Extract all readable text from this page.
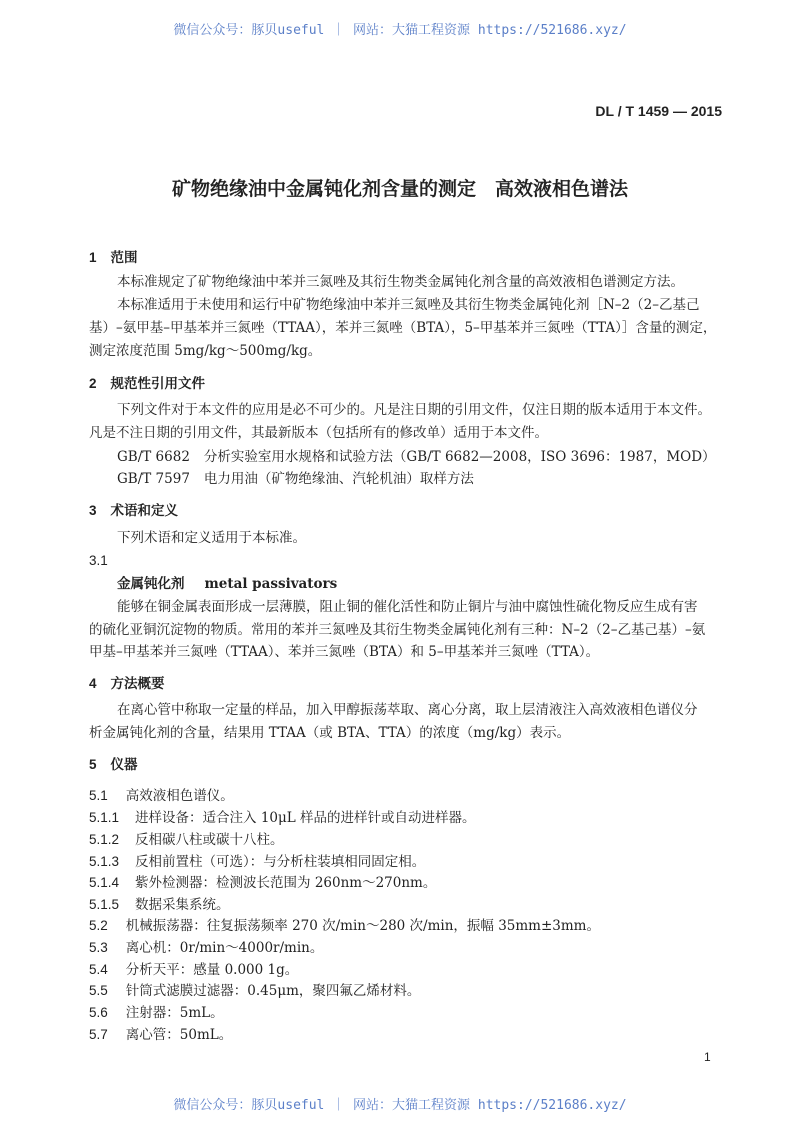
微信公众号：豚贝useful ｜ 网站：大猫工程资源 https://521686.xyz/
DL / T 1459 — 2015
矿物绝缘油中金属钝化剂含量的测定　高效液相色谱法
1 范围
本标准规定了矿物绝缘油中苯并三氮唑及其衍生物类金属钝化剂含量的高效液相色谱测定方法。
本标准适用于未使用和运行中矿物绝缘油中苯并三氮唑及其衍生物类金属钝化剂［N–2（2–乙基己
基）–氨甲基–甲基苯并三氮唑（TTAA），苯并三氮唑（BTA），5–甲基苯并三氮唑（TTA）］含量的测定，
测定浓度范围 5mg/kg～500mg/kg。
2 规范性引用文件
下列文件对于本文件的应用是必不可少的。凡是注日期的引用文件，仅注日期的版本适用于本文件。
凡是不注日期的引用文件，其最新版本（包括所有的修改单）适用于本文件。
GB/T 6682 分析实验室用水规格和试验方法（GB/T 6682—2008，ISO 3696：1987，MOD）
GB/T 7597 电力用油（矿物绝缘油、汽轮机油）取样方法
3 术语和定义
下列术语和定义适用于本标准。
3.1
金属钝化剂 metal passivators
能够在铜金属表面形成一层薄膜，阻止铜的催化活性和防止铜片与油中腐蚀性硫化物反应生成有害
的硫化亚铜沉淀物的物质。常用的苯并三氮唑及其衍生物类金属钝化剂有三种：N–2（2–乙基己基）–氨
甲基–甲基苯并三氮唑（TTAA）、苯并三氮唑（BTA）和 5–甲基苯并三氮唑（TTA）。
4 方法概要
在离心管中称取一定量的样品，加入甲醇振荡萃取、离心分离，取上层清液注入高效液相色谱仪分
析金属钝化剂的含量，结果用 TTAA（或 BTA、TTA）的浓度（mg/kg）表示。
5 仪器
5.1 高效液相色谱仪。
5.1.1 进样设备：适合注入 10μL 样品的进样针或自动进样器。
5.1.2 反相碳八柱或碳十八柱。
5.1.3 反相前置柱（可选）：与分析柱装填相同固定相。
5.1.4 紫外检测器：检测波长范围为 260nm～270nm。
5.1.5 数据采集系统。
5.2 机械振荡器：往复振荡频率 270 次/min～280 次/min，振幅 35mm±3mm。
5.3 离心机：0r/min～4000r/min。
5.4 分析天平：感量 0.000 1g。
5.5 针筒式滤膜过滤器：0.45μm，聚四氟乙烯材料。
5.6 注射器：5mL。
5.7 离心管：50mL。
1
微信公众号：豚贝useful ｜ 网站：大猫工程资源 https://521686.xyz/
